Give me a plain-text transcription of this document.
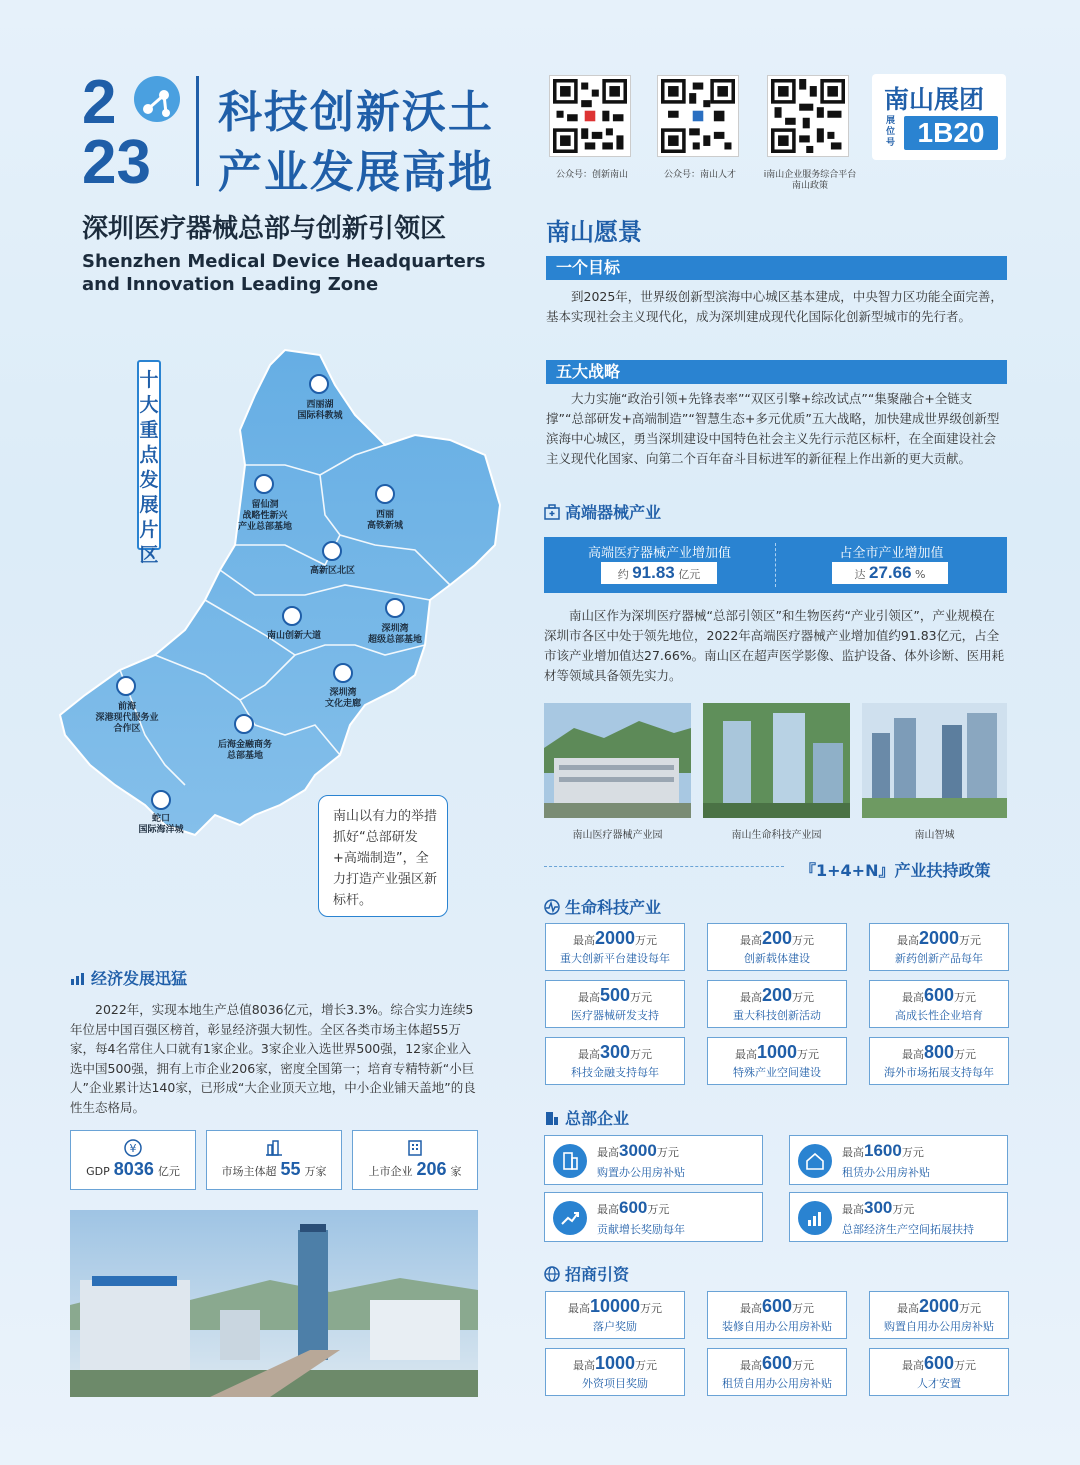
2
23
科技创新沃土
产业发展高地
深圳医疗器械总部与创新引领区
Shenzhen Medical Device Headquarters and Innovation Leading Zone
公众号：创新南山	公众号：南山人才	i南山企业服务综合平台
南山政策
南山展团
展位号 1B20
西丽湖
国际科教城
留仙洞
战略性新兴
产业总部基地
西丽
高铁新城
高新区北区
南山创新大道
深圳湾
超级总部基地
深圳湾
文化走廊
前海
深港现代服务业
合作区
后海金融商务
总部基地
蛇口
国际海洋城
十大重点发展片区
南山以有力的举措抓好“总部研发+高端制造”，全力打造产业强区新标杆。
经济发展迅猛
2022年，实现本地生产总值8036亿元，增长3.3%。综合实力连续5年位居中国百强区榜首，彰显经济强大韧性。全区各类市场主体超55万家，每4名常住人口就有1家企业。3家企业入选世界500强，12家企业入选中国500强，拥有上市企业206家，密度全国第一；培育专精特新“小巨人”企业累计达140家，已形成“大企业顶天立地，中小企业铺天盖地”的良性生态格局。
¥
GDP 8036 亿元	市场主体超 55 万家	上市企业 206 家
南山愿景
一个目标
到2025年，世界级创新型滨海中心城区基本建成，中央智力区功能全面完善，基本实现社会主义现代化，成为深圳建成现代化国际化创新型城市的先行者。
五大战略
大力实施“政治引领+先锋表率”“双区引擎+综改试点”“集聚融合+全链支撑”“总部研发+高端制造”“智慧生态+多元优质”五大战略，加快建成世界级创新型滨海中心城区，勇当深圳建设中国特色社会主义先行示范区标杆，在全面建设社会主义现代化国家、向第二个百年奋斗目标进军的新征程上作出新的更大贡献。
高端器械产业
高端医疗器械产业增加值
约 91.83 亿元
占全市产业增加值
达 27.66 %
南山区作为深圳医疗器械“总部引领区”和生物医药“产业引领区”，产业规模在深圳市各区中处于领先地位，2022年高端医疗器械产业增加值约91.83亿元，占全市该产业增加值达27.66%。南山区在超声医学影像、监护设备、体外诊断、医用耗材等领域具备领先实力。
南山医疗器械产业园	南山生命科技产业园	南山智城
『1+4+N』产业扶持政策
生命科技产业
最高2000万元
重大创新平台建设每年
最高200万元
创新载体建设
最高2000万元
新药创新产品每年
最高500万元
医疗器械研发支持
最高200万元
重大科技创新活动
最高600万元
高成长性企业培育
最高300万元
科技金融支持每年
最高1000万元
特殊产业空间建设
最高800万元
海外市场拓展支持每年
总部企业
最高3000万元
购置办公用房补贴
最高1600万元
租赁办公用房补贴
最高600万元
贡献增长奖励每年
最高300万元
总部经济生产空间拓展扶持
招商引资
最高10000万元
落户奖励
最高600万元
装修自用办公用房补贴
最高2000万元
购置自用办公用房补贴
最高1000万元
外资项目奖励
最高600万元
租赁自用办公用房补贴
最高600万元
人才安置
